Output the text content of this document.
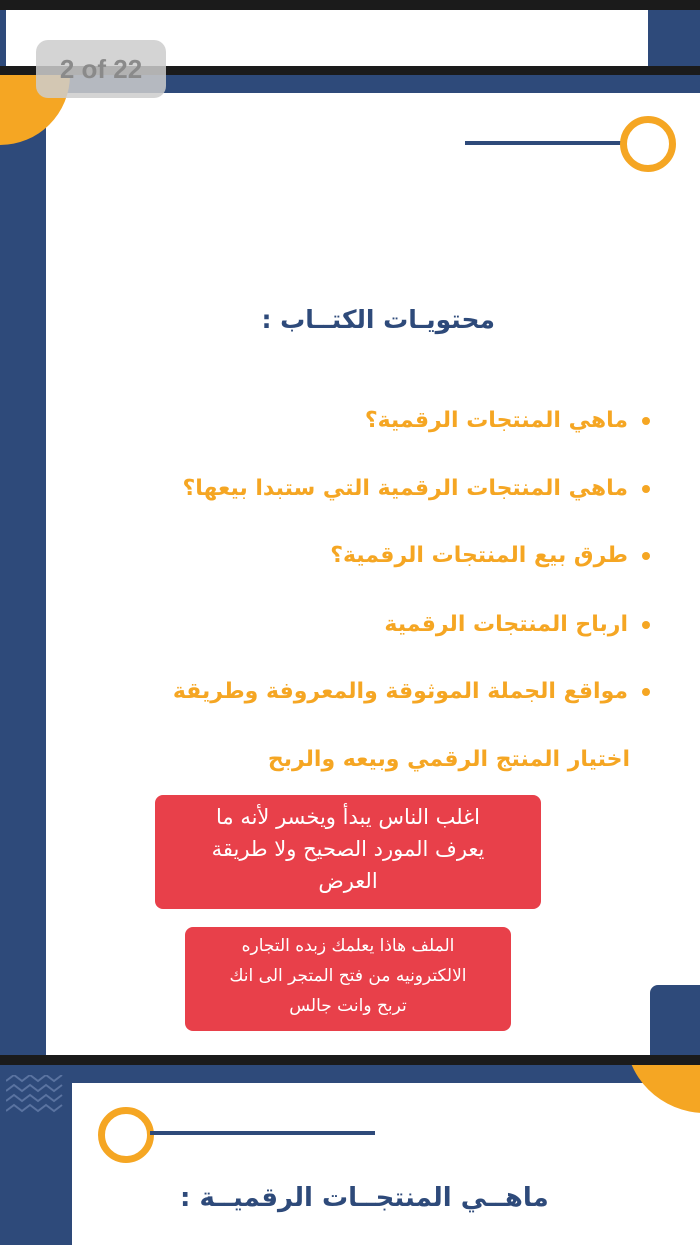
2 of 22
محتويـات الكتــاب :
ماهي المنتجات الرقمية؟
ماهي المنتجات الرقمية التي ستبدا بيعها؟
طرق بيع المنتجات الرقمية؟
ارباح المنتجات الرقمية
مواقع الجملة الموثوقة والمعروفة وطريقة
اختيار المنتج الرقمي وبيعه والربح
اغلب الناس يبدأ ويخسر لأنه ما
يعرف المورد الصحيح ولا طريقة
العرض
الملف هاذا يعلمك زبده التجاره
الالكترونيه من فتح المتجر الى انك
تربح وانت جالس
ماهــي المنتجــات الرقميــة : حراج
